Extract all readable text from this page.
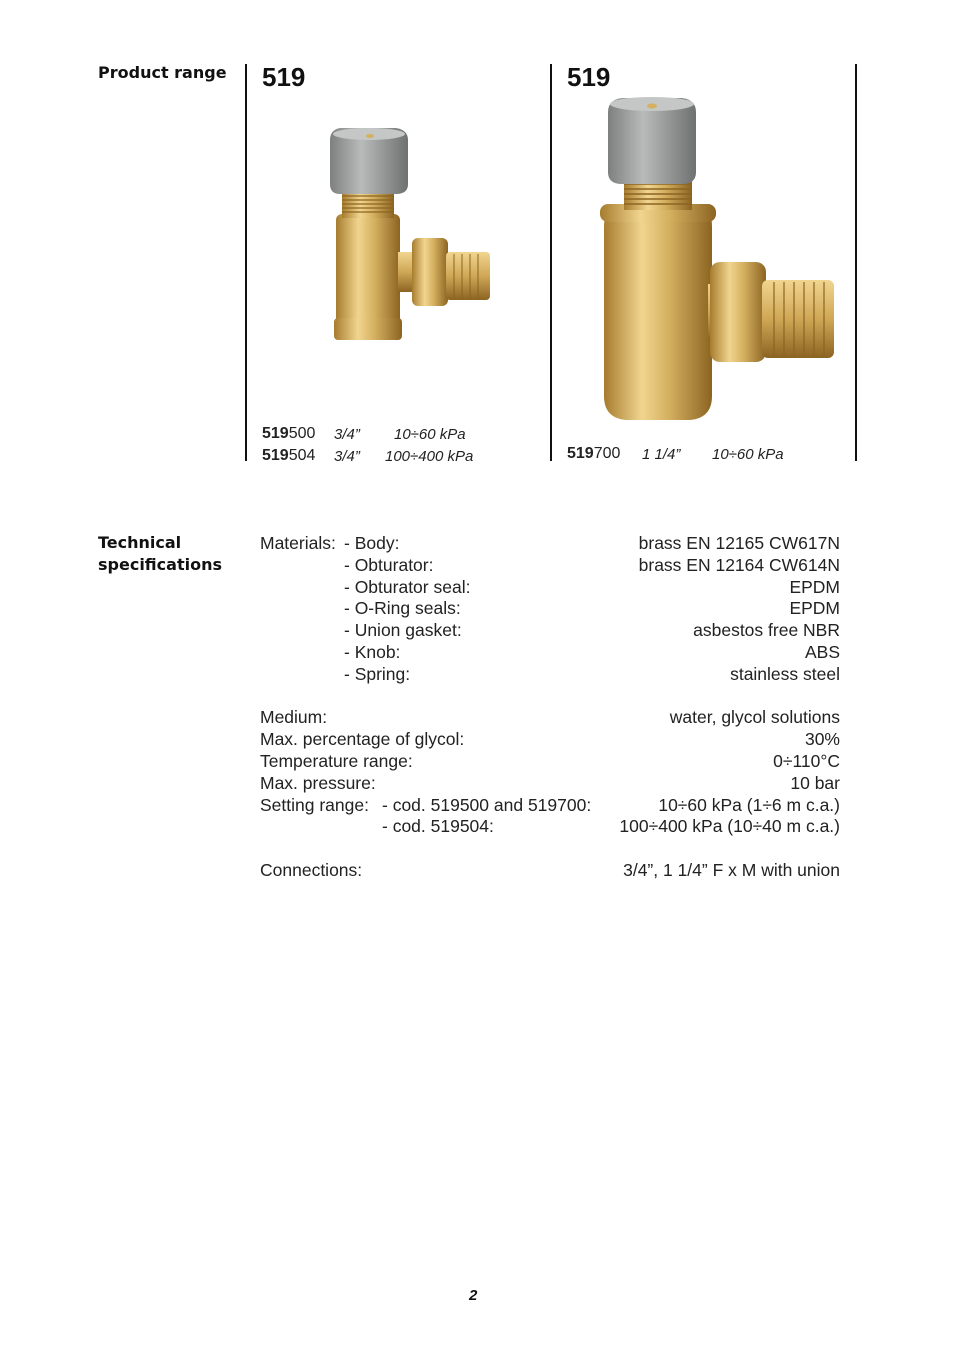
Product range 519
519500 3/4” 10÷60 kPa
519504 3/4” 100÷400 kPa
519
519700 1 1/4” 10÷60 kPa
Technical
specifications
Materials: - Body:	brass EN 12165 CW617N
- Obturator:	brass EN 12164 CW614N
- Obturator seal:	EPDM
- O-Ring seals:	EPDM
- Union gasket:	asbestos free NBR
- Knob:	ABS
- Spring:	stainless steel
Medium:	water, glycol solutions
Max. percentage of glycol:	30%
Temperature range:	0÷110°C
Max. pressure:	10 bar
Setting range: - cod. 519500 and 519700:	10÷60 kPa (1÷6 m c.a.)
- cod. 519504:	100÷400 kPa (10÷40 m c.a.)
Connections:	3/4”, 1 1/4” F x M with union
2
